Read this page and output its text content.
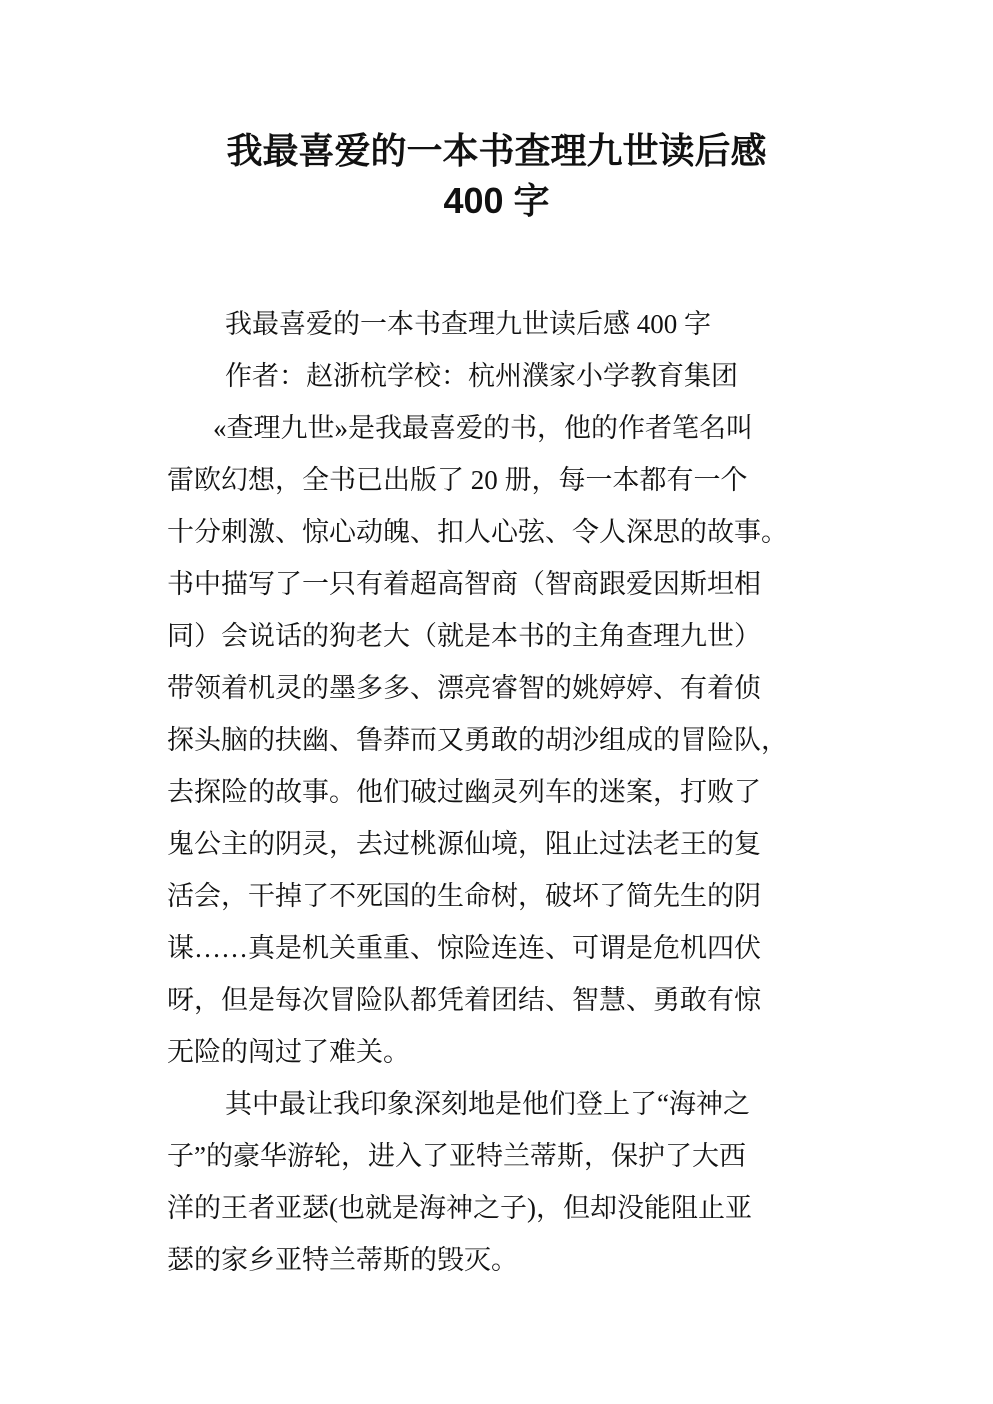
我最喜爱的一本书查理九世读后感
400 字
我最喜爱的一本书查理九世读后感 400 字
作者：赵浙杭学校：杭州濮家小学教育集团
«查理九世»是我最喜爱的书，他的作者笔名叫
雷欧幻想，全书已出版了 20 册，每一本都有一个
十分刺激、惊心动魄、扣人心弦、令人深思的故事。
书中描写了一只有着超高智商（智商跟爱因斯坦相
同）会说话的狗老大（就是本书的主角查理九世）
带领着机灵的墨多多、漂亮睿智的姚婷婷、有着侦
探头脑的扶幽、鲁莽而又勇敢的胡沙组成的冒险队，
去探险的故事。他们破过幽灵列车的迷案，打败了
鬼公主的阴灵，去过桃源仙境，阻止过法老王的复
活会，干掉了不死国的生命树，破坏了简先生的阴
谋……真是机关重重、惊险连连、可谓是危机四伏
呀，但是每次冒险队都凭着团结、智慧、勇敢有惊
无险的闯过了难关。
其中最让我印象深刻地是他们登上了“海神之
子”的豪华游轮，进入了亚特兰蒂斯，保护了大西
洋的王者亚瑟(也就是海神之子)，但却没能阻止亚
瑟的家乡亚特兰蒂斯的毁灭。
